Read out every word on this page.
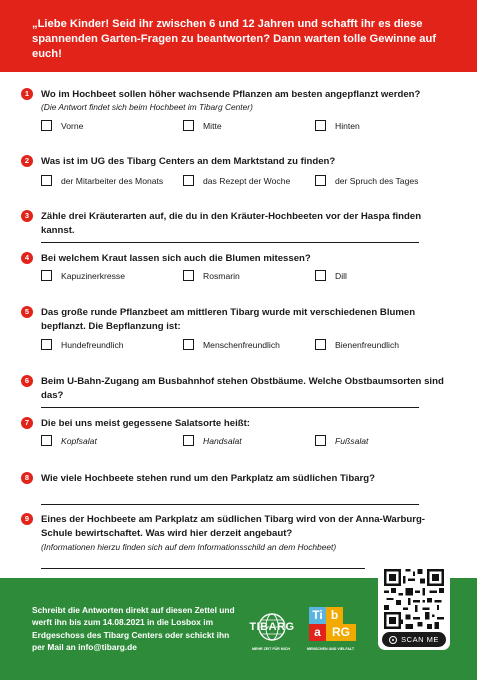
„Liebe Kinder! Seid ihr zwischen 6 und 12 Jahren und schafft ihr es diese spannenden Garten-Fragen zu beantworten? Dann warten tolle Gewinne auf euch!
1	Wo im Hochbeet sollen höher wachsende Pflanzen am besten angepflanzt werden?
(Die Antwort findet sich beim Hochbeet im Tibarg Center)
Vorne	Mitte	Hinten
2	Was ist im UG des Tibarg Centers an dem Marktstand zu finden?
der Mitarbeiter des Monats	das Rezept der Woche	der Spruch des Tages
3	Zähle drei Kräuterarten auf, die du in den Kräuter-Hochbeeten vor der Haspa finden kannst.
4	Bei welchem Kraut lassen sich auch die Blumen mitessen?
Kapuzinerkresse	Rosmarin	Dill
5	Das große runde Pflanzbeet am mittleren Tibarg wurde mit verschiedenen Blumen bepflanzt. Die Bepflanzung ist:
Hundefreundlich	Menschenfreundlich	Bienenfreundlich
6	Beim U-Bahn-Zugang am Busbahnhof stehen Obstbäume. Welche Obstbaumsorten sind das?
7	Die bei uns meist gegessene Salatsorte heißt:
Kopfsalat	Handsalat	Fußsalat
8	Wie viele Hochbeete stehen rund um den Parkplatz am südlichen Tibarg?
9	Eines der Hochbeete am Parkplatz am südlichen Tibarg wird von der Anna-Warburg-Schule bewirtschaftet. Was wird hier derzeit angebaut?
(Informationen hierzu finden sich auf dem Informationsschild an dem Hochbeet)
Schreibt die Antworten direkt auf diesen Zettel und werft ihn bis zum 14.08.2021 in die Losbox im Erdgeschoss des Tibarg Centers oder schickt ihn per Mail an info@tibarg.de
TIBARG
MEHR ZEIT FÜR MICH
Ti b
a RG
MENSCHEN UND VIELFALT
SCAN ME
